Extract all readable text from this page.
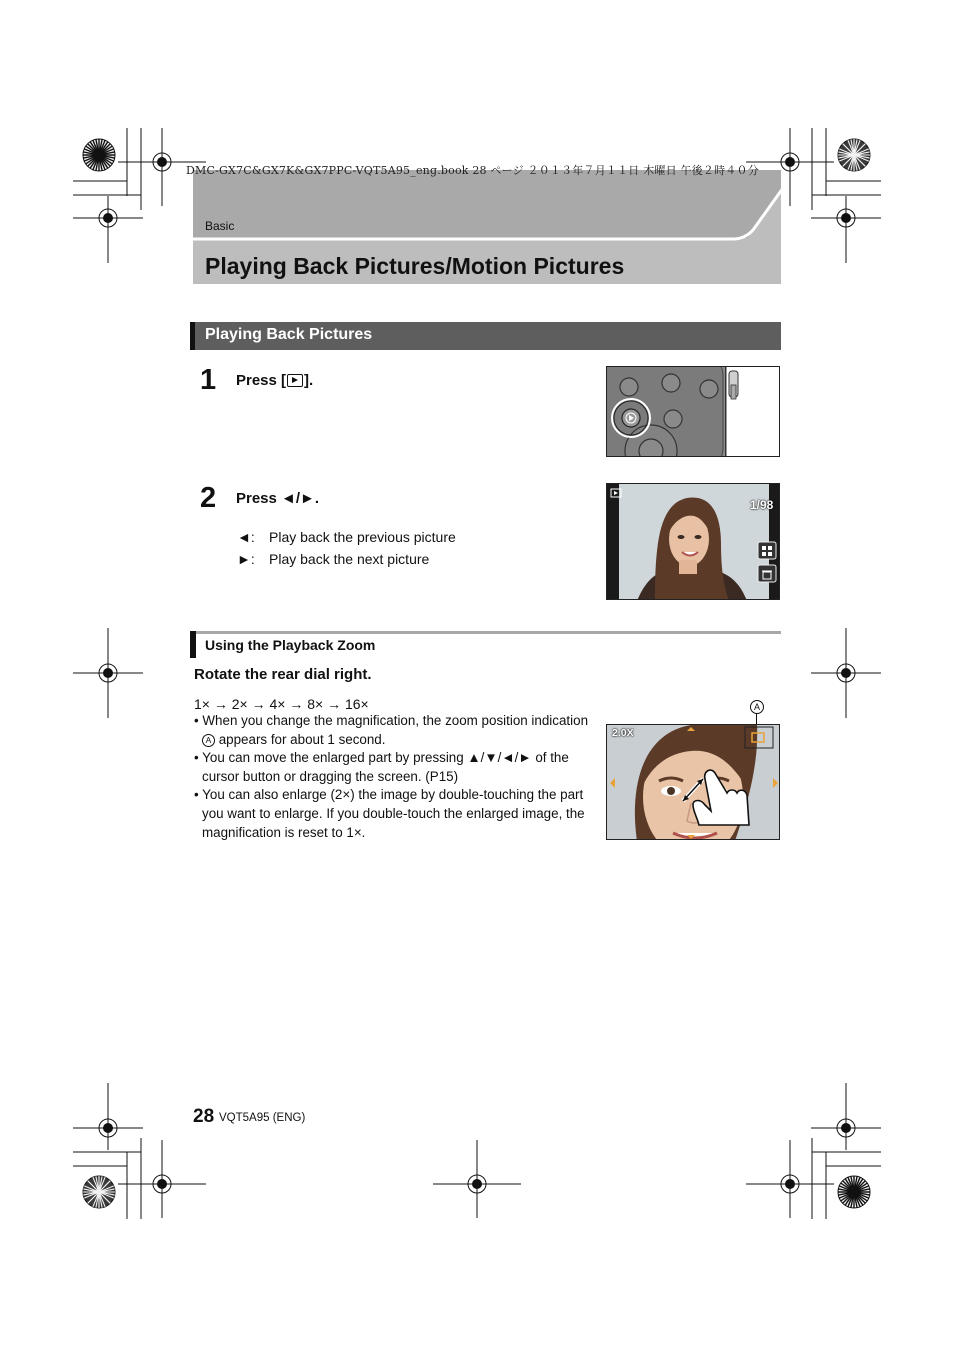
DMC-GX7C&GX7K&GX7PPC-VQT5A95_eng.book 28 ページ ２０１３年７月１１日 木曜日 午後２時４０分
Basic
Playing Back Pictures/Motion Pictures
Playing Back Pictures
1 Press [ ].
2 Press ◄/►.
◄: Play back the previous picture
►: Play back the next picture
1/98
Using the Playback Zoom
Rotate the rear dial right.
1× → 2× → 4× → 8× → 16×

• When you change the magnification, the zoom position indication A appears for about 1 second.

• You can move the enlarged part by pressing ▲/▼/◄/► of the cursor button or dragging the screen. (P15)

• You can also enlarge (2×) the image by double-touching the part you want to enlarge. If you double-touch the enlarged image, the magnification is reset to 1×.

A
2.0X
28 VQT5A95 (ENG)
